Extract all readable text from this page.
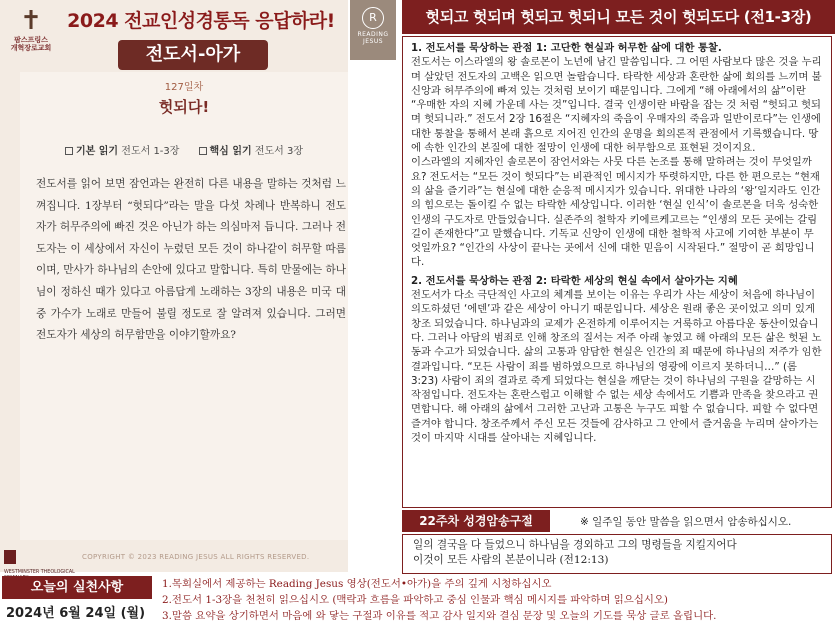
✝
팜스프링스
개혁장로교회
2024 전교인성경통독 응답하라!
전도서-아가
127일차
헛되다!
기본 읽기 전도서 1-3장	핵심 읽기 전도서 3장
전도서를 읽어 보면 잠언과는 완전히 다른 내용을 말하는 것처럼 느껴집니다. 1장부터 “헛되다”라는 말을 다섯 차례나 반복하니 전도자가 허무주의에 빠진 것은 아닌가 하는 의심마저 듭니다. 그러나 전도자는 이 세상에서 자신이 누렸던 모든 것이 하나같이 허무할 따름이며, 만사가 하나님의 손안에 있다고 말합니다. 특히 만물에는 하나님이 정하신 때가 있다고 아름답게 노래하는 3장의 내용은 미국 대중 가수가 노래로 만들어 불릴 정도로 잘 알려져 있습니다. 그러면 전도자가 세상의 허무함만을 이야기할까요?
WESTMINSTER THEOLOGICAL
COPYRIGHT © 2023 READING JESUS ALL RIGHTS RESERVED.
R
READING
JESUS
헛되고 헛되며 헛되고 헛되니 모든 것이 헛되도다 (전1-3장)

1. 전도서를 묵상하는 관점 1: 고단한 현실과 허무한 삶에 대한 통찰.

전도서는 이스라엘의 왕 솔로몬이 노년에 남긴 말씀입니다. 그 어떤 사람보다 많은 것을 누리며 살았던 전도자의 고백은 읽으면 놀랍습니다. 타락한 세상과 혼란한 삶에 회의를 느끼며 불신앙과 허무주의에 빠져 있는 것처럼 보이기 때문입니다. 그에게 “해 아래에서의 삶”이란 “우매한 자의 지혜 가운데 사는 것”입니다. 결국 인생이란 바람을 잡는 것 처럼 “헛되고 헛되며 헛되니라.” 전도서 2장 16절은 “지혜자의 죽음이 우매자의 죽음과 일반이로다”는 인생에 대한 통찰을 통해서 본래 흙으로 지어진 인간의 운명을 회의론적 관점에서 기록했습니다. 땅에 속한 인간의 본질에 대한 절망이 인생에 대한 허무함으로 표현된 것이지요.

이스라엘의 지혜자인 솔로몬이 잠언서와는 사뭇 다른 논조를 통해 말하려는 것이 무엇일까요? 전도서는 “모든 것이 헛되다”는 비관적인 메시지가 뚜렷하지만, 다른 한 편으로는 “현재의 삶을 즐기라”는 현실에 대한 순응적 메시지가 있습니다. 위대한 나라의 ‘왕’일지라도 인간의 힘으로는 돌이킬 수 없는 타락한 세상입니다. 이러한 ‘현실 인식’이 솔로몬을 더욱 성숙한 인생의 구도자로 만들었습니다. 실존주의 철학자 키에르케고르는 “인생의 모든 곳에는 갈림길이 존재한다”고 말했습니다. 기독교 신앙이 인생에 대한 철학적 사고에 기여한 부분이 무엇일까요? “인간의 사상이 끝나는 곳에서 신에 대한 믿음이 시작된다.” 절망이 곧 희망입니다.

2. 전도서를 묵상하는 관점 2: 타락한 세상의 현실 속에서 살아가는 지혜

전도서가 다소 극단적인 사고의 체계를 보이는 이유는 우리가 사는 세상이 처음에 하나님이 의도하셨던 ‘에덴’과 같은 세상이 아니기 때문입니다. 세상은 원래 좋은 곳이었고 의미 있게 창조 되었습니다. 하나님과의 교제가 온전하게 이루어지는 거룩하고 아름다운 동산이었습니다. 그러나 아담의 범죄로 인해 창조의 질서는 저주 아래 놓였고 해 아래의 모든 삶은 헛된 노동과 수고가 되었습니다. 삶의 고통과 암담한 현실은 인간의 죄 때문에 하나님의 저주가 임한 결과입니다. “모든 사람이 죄를 범하였으므로 하나님의 영광에 이르지 못하더니…” (롬3:23) 사람이 죄의 결과로 죽게 되었다는 현실을 깨닫는 것이 하나님의 구원을 갈망하는 시작점입니다. 전도자는 혼란스럽고 이해할 수 없는 세상 속에서도 기쁨과 만족을 찾으라고 권면합니다. 해 아래의 삶에서 그러한 고난과 고통은 누구도 피할 수 없습니다. 피할 수 없다면 즐겨야 합니다. 창조주께서 주신 모든 것들에 감사하고 그 안에서 즐거움을 누리며 살아가는 것이 마지막 시대를 살아내는 지혜입니다.

22주차 성경암송구절	※ 일주일 동안 말씀을 읽으면서 암송하십시오.
일의 결국을 다 들었으니 하나님을 경외하고 그의 명령들을 지킬지어다
이것이 모든 사람의 본분이니라 (전12:13)
오늘의 실천사항
2024년 6월 24일 (월)
1.목회실에서 제공하는 Reading Jesus 영상(전도서•아가)을 주의 깊게 시청하십시오
2.전도서 1-3장을 천천히 읽으십시오 (맥락과 흐름을 파악하고 중심 인물과 핵심 메시지를 파악하며 읽으십시오)
3.말씀 요약을 상기하면서 마음에 와 닿는 구절과 이유를 적고 감사 일지와 결심 문장 및 오늘의 기도를 묵상 글로 올립니다.
